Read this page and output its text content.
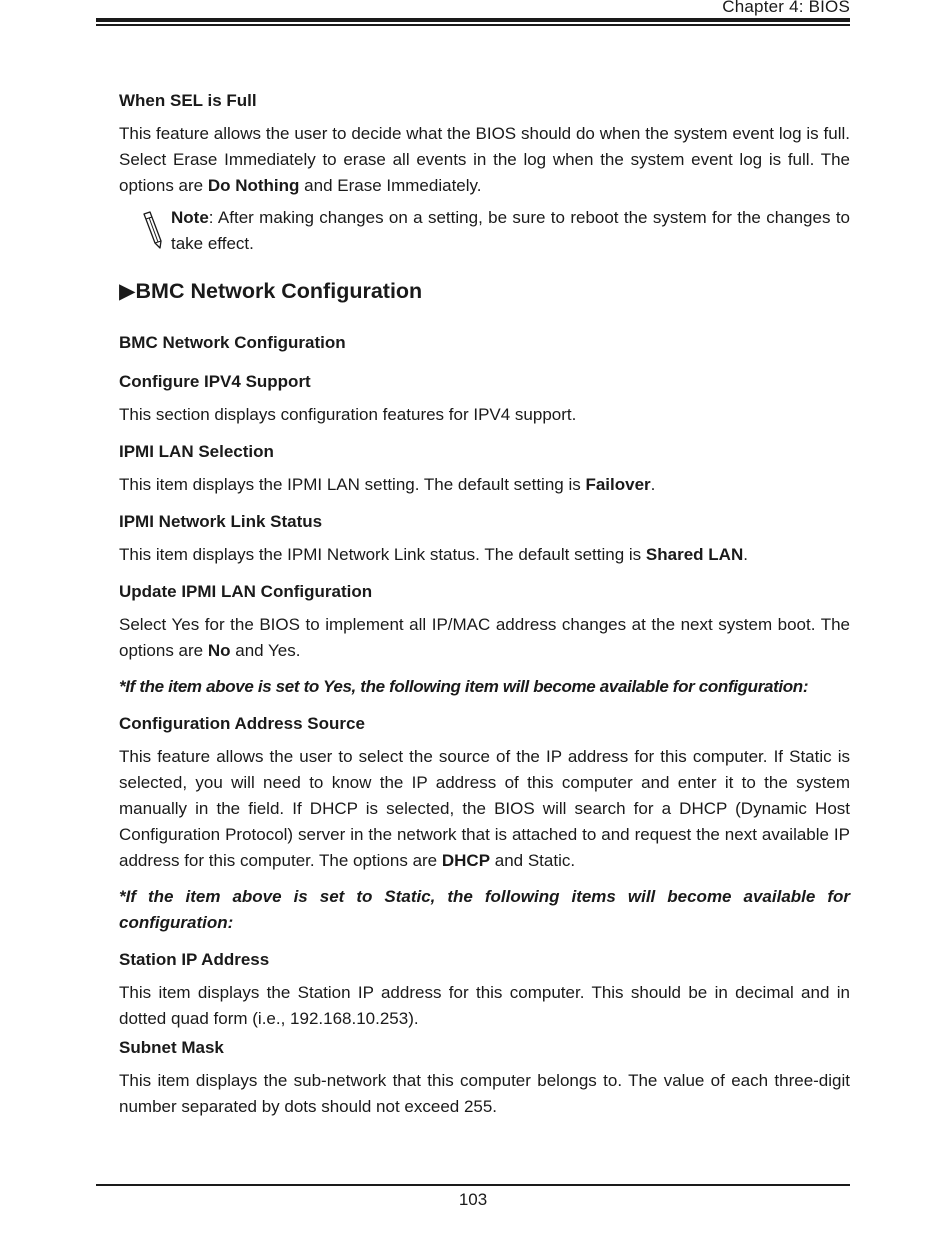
Chapter 4: BIOS
When SEL is Full

This feature allows the user to decide what the BIOS should do when the system event log is full. Select Erase Immediately to erase all events in the log when the system event log is full. The options are Do Nothing and Erase Immediately.

Note: After making changes on a setting, be sure to reboot the system for the changes to take effect.

▶BMC Network Configuration
BMC Network Configuration
Configure IPV4 Support

This section displays configuration features for IPV4 support.

IPMI LAN Selection

This item displays the IPMI LAN setting. The default setting is Failover.

IPMI Network Link Status

This item displays the IPMI Network Link status. The default setting is Shared LAN.

Update IPMI LAN Configuration

Select Yes for the BIOS to implement all IP/MAC address changes at the next system boot. The options are No and Yes.

*If the item above is set to Yes, the following item will become available for configuration:
Configuration Address Source

This feature allows the user to select the source of the IP address for this computer. If Static is selected, you will need to know the IP address of this computer and enter it to the system manually in the field. If DHCP is selected, the BIOS will search for a DHCP (Dynamic Host Configuration Protocol) server in the network that is attached to and request the next available IP address for this computer. The options are DHCP and Static.

*If the item above is set to Static, the following items will become available for configuration:
Station IP Address

This item displays the Station IP address for this computer. This should be in decimal and in dotted quad form (i.e., 192.168.10.253).

Subnet Mask

This item displays the sub-network that this computer belongs to. The value of each three-digit number separated by dots should not exceed 255.

103
